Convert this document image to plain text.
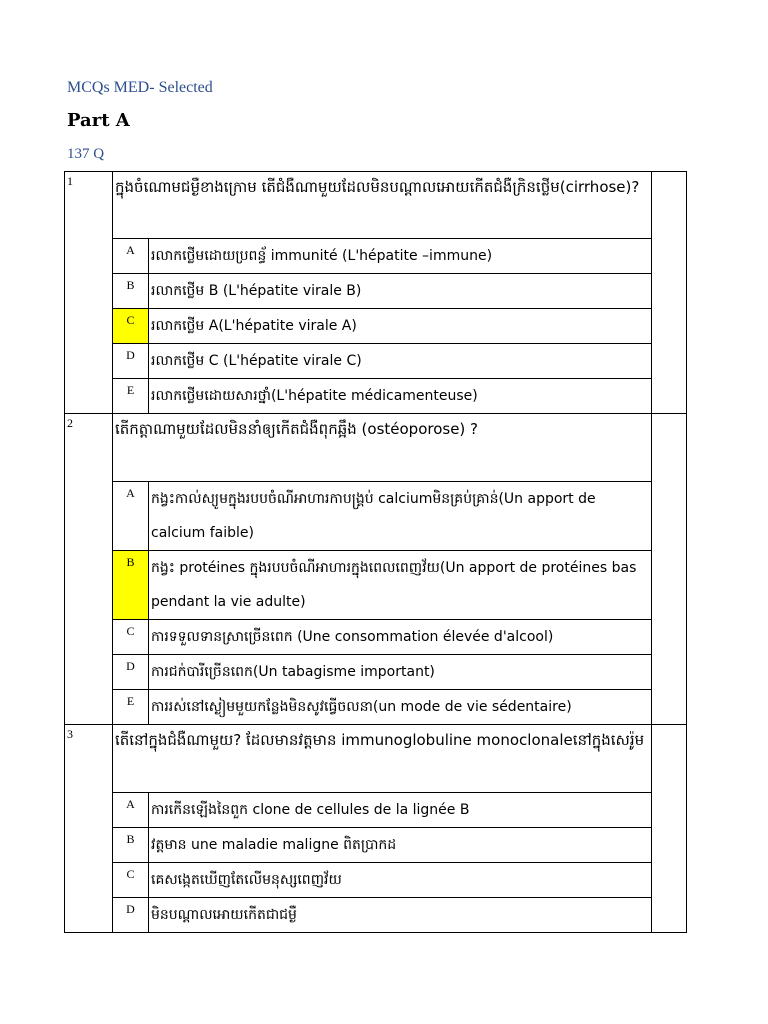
MCQs MED- Selected
Part A
137 Q
1	ក្នុងចំណោមជម្ងឺខាងក្រោម តើជំងឺណាមួយដែលមិនបណ្តាលអោយកើតជំងឺក្រិនថ្លើម(cirrhose)?		
	A	រលាកថ្លើមដោយប្រពន្ធ័ immunité (L'hépatite –immune)	
	B	រលាកថ្លើម B (L'hépatite virale B)	
	C	រលាកថ្លើម A(L'hépatite virale A)	
	D	រលាកថ្លើម C (L'hépatite virale C)	
	E	រលាកថ្លើមដោយសារថ្នាំ(L'hépatite médicamenteuse)	
2	តើកត្តាណាមួយដែលមិននាំឲ្យកើតជំងឺពុកឆ្អឹង (ostéoporose) ?		
	A	កង្វះកាល់ស្យូមក្នុងរបបចំណីអាហារកាបង្គ្រប់ calciumមិនគ្រប់គ្រាន់(Un apport de calcium faible)	
	B	កង្វះ protéines ក្នុងរបបចំណីអាហារក្នុងពេលពេញវ័យ(Un apport de protéines bas pendant la vie adulte)	
	C	ការទទួលទានស្រាច្រើនពេក (Une consommation élevée d'alcool)	
	D	ការជក់បារីច្រើនពេក(Un tabagisme important)	
	E	ការរស់នៅស្ងៀមមួយកន្លែងមិនសូវធ្វើចលនា(un mode de vie sédentaire)	
3	តើនៅក្នុងជំងឺណាមួយ? ដែលមានវត្តមាន immunoglobuline monoclonaleនៅក្នុងសេរ៉ូម		
	A	ការកើនឡើងនៃពួក clone de cellules de la lignée B	
	B	វត្តមាន une maladie maligne ពិតប្រាកដ	
	C	គេសង្កេតឃើញតែលើមនុស្សពេញវ័យ	
	D	មិនបណ្តាលអោយកើតជាជម្ងឺ	
